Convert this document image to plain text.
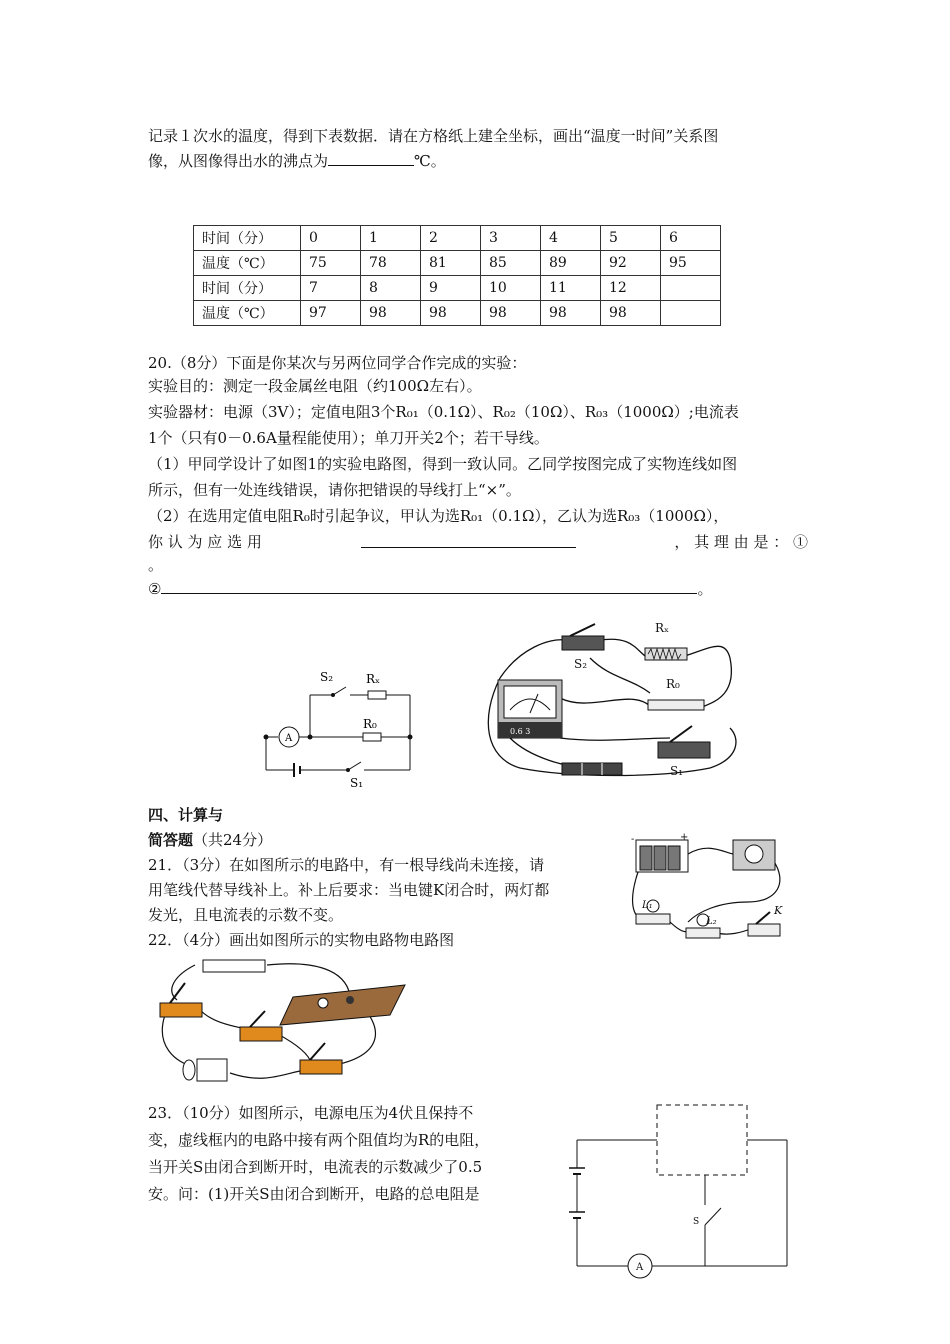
记录１次水的温度，得到下表数据．请在方格纸上建全坐标，画出“温度一时间”关系图
像，从图像得出水的沸点为	℃。
时间（分）	0	1	2	3	4	5	6
温度（℃）	75	78	81	85	89	92	95
时间（分）	7	8	9	10	11	12	
温度（℃）	97	98	98	98	98	98	
20.（8分）下面是你某次与另两位同学合作完成的实验：
实验目的：测定一段金属丝电阻（约100Ω左右）。
实验器材：电源（3V）；定值电阻3个R₀₁（0.1Ω）、R₀₂（10Ω）、R₀₃（1000Ω）;电流表
1个（只有0－0.6A量程能使用）；单刀开关2个；若干导线。
（1）甲同学设计了如图1的实验电路图，得到一致认同。乙同学按图完成了实物连线如图
所示，但有一处连线错误，请你把错误的导线打上“×”。
（2）在选用定值电阻R₀时引起争议，甲认为选R₀₁（0.1Ω），乙认为选R₀₃（1000Ω），
你 认 为 应 选 用	， 其 理 由 是 ： ①
。
②	。
S₂	Rₓ
R₀
A
S₁
0.6 3
Rₓ
R₀
S₂
S₁
四、计算与
简答题（共24分）
21．（3分）在如图所示的电路中，有一根导线尚未连接，请
用笔线代替导线补上。补上后要求：当电键K闭合时，两灯都
发光，且电流表的示数不变。
+
-
L₁
L₂
K
22．（4分）画出如图所示的实物电路物电路图
23．（10分）如图所示，电源电压为4伏且保持不
变，虚线框内的电路中接有两个阻值均为R的电阻，
当开关S由闭合到断开时，电流表的示数减少了0.5
安。问：(1)开关S由闭合到断开，电路的总电阻是
S
A
